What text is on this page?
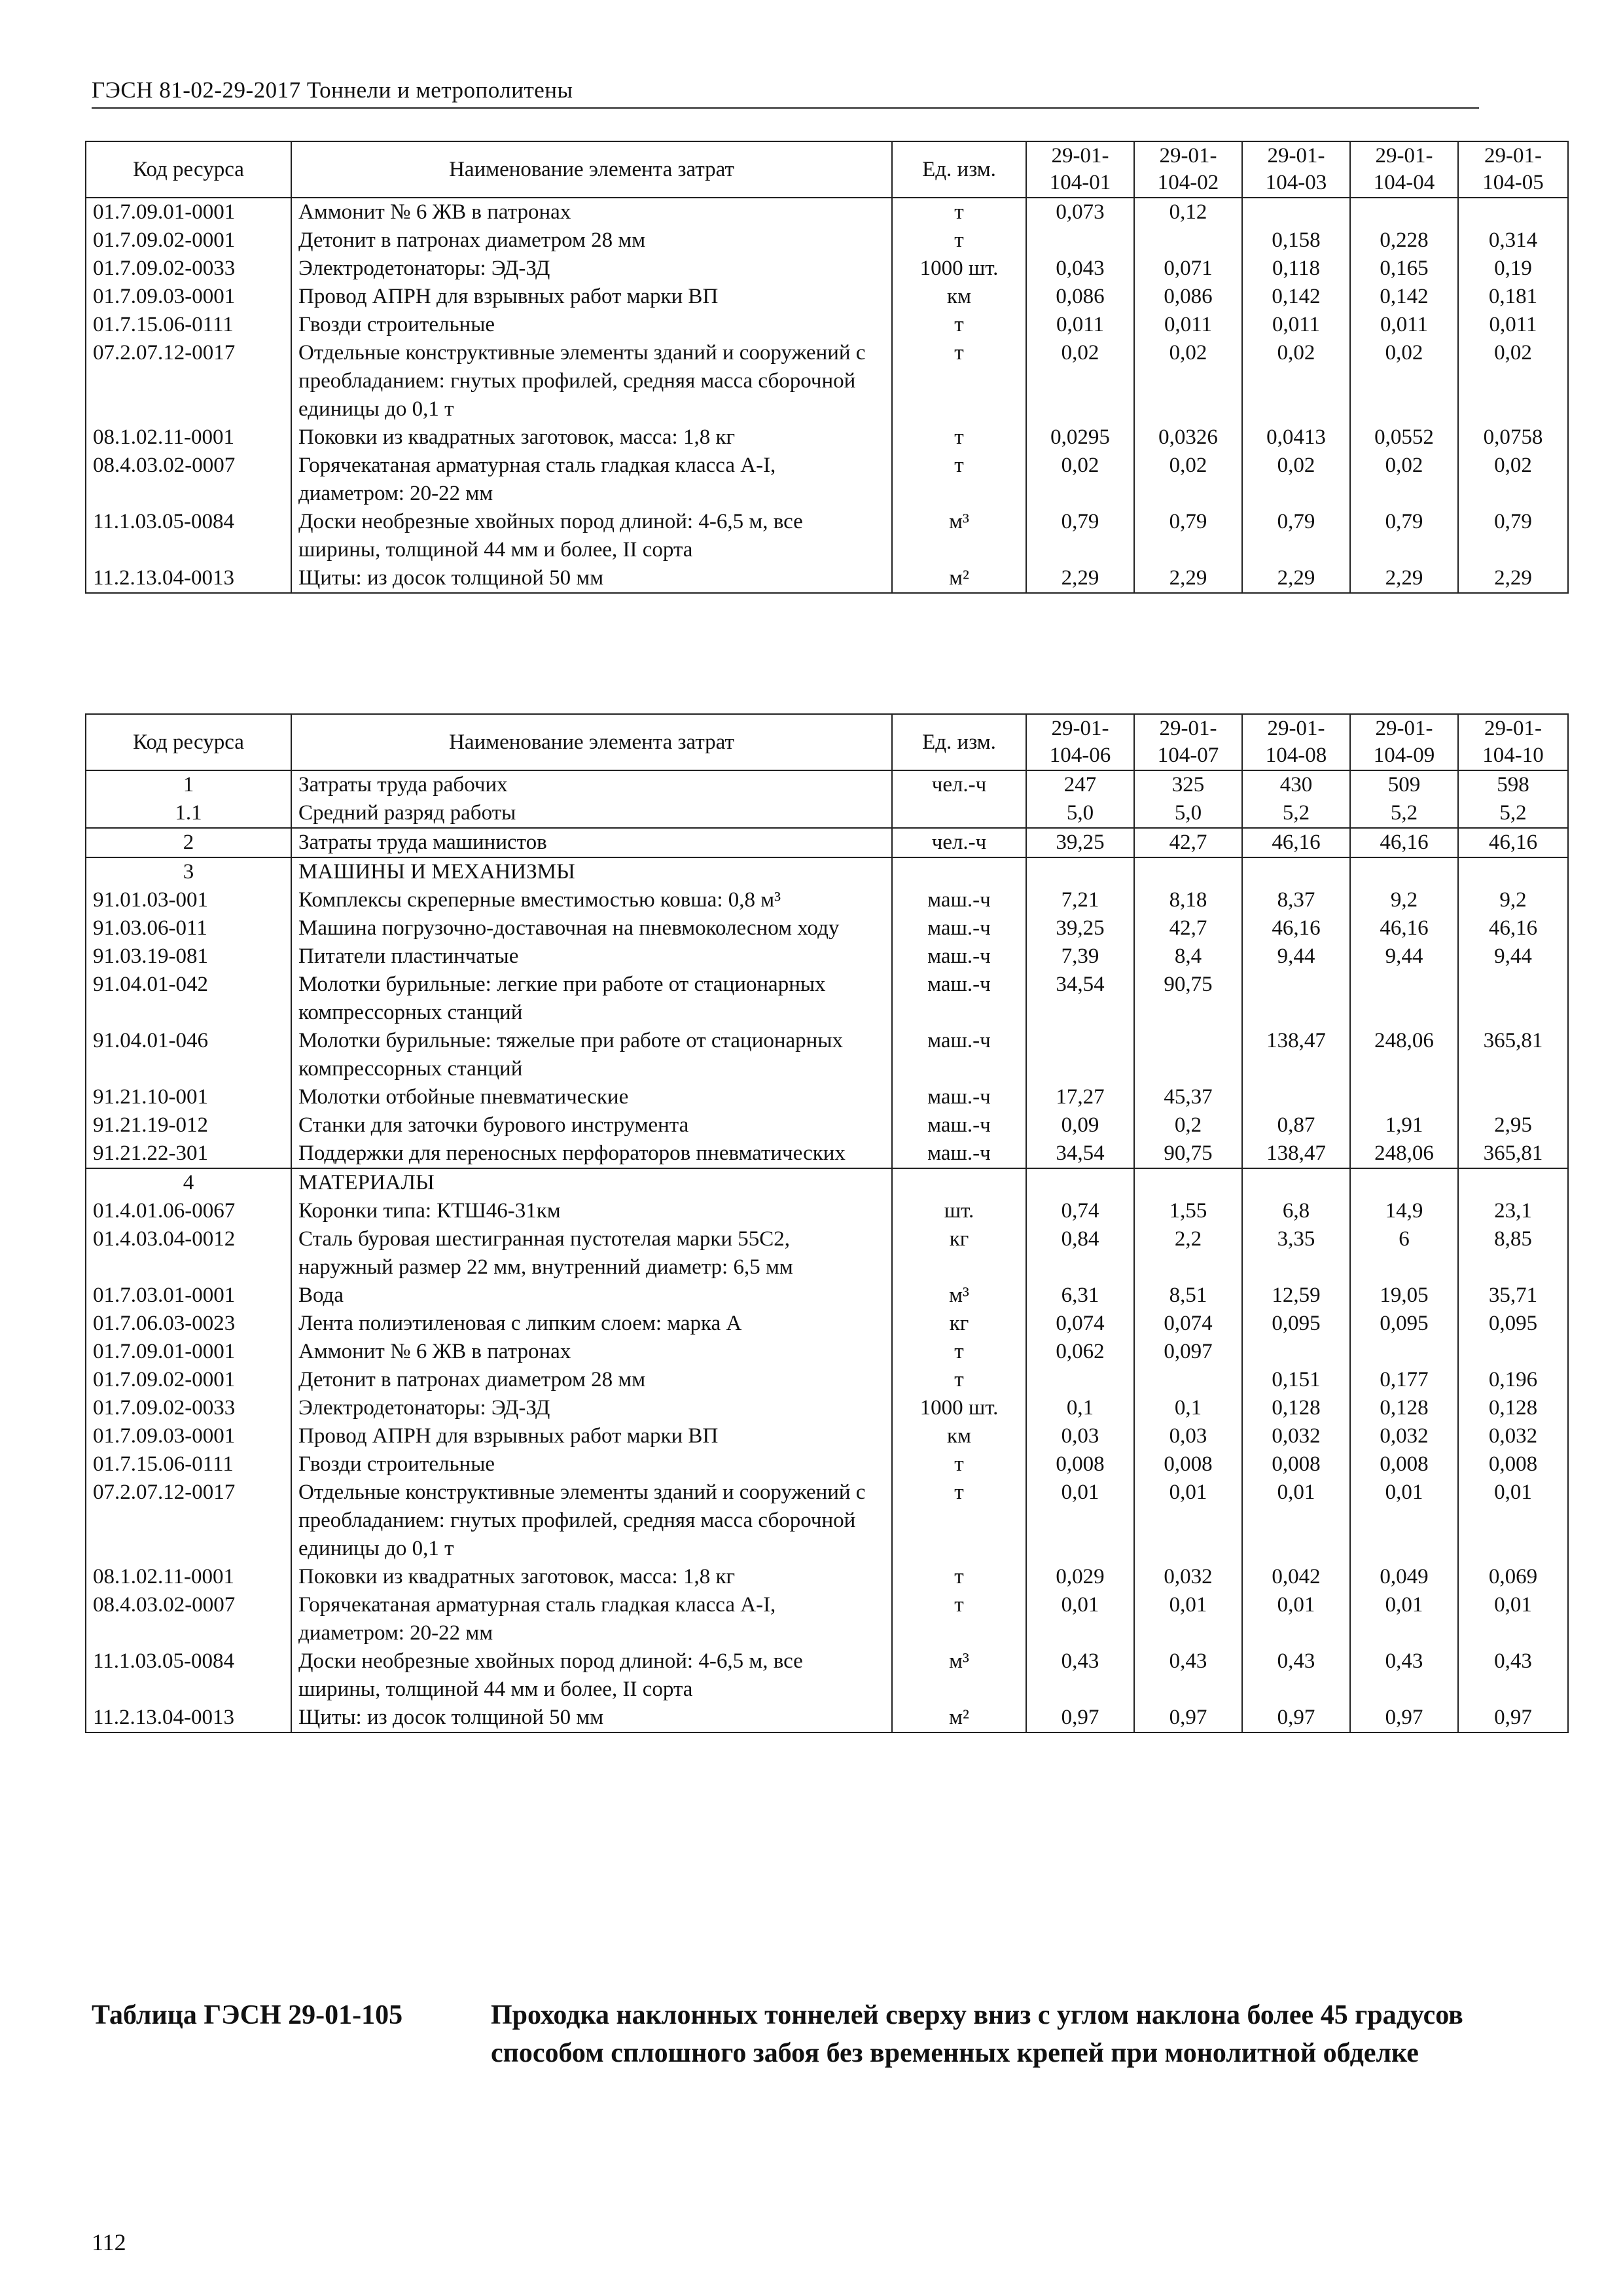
ГЭСН 81-02-29-2017 Тоннели и метрополитены
Код ресурса	Наименование элемента затрат	Ед. изм.	29-01-104-01	29-01-104-02	29-01-104-03	29-01-104-04	29-01-104-05
01.7.09.01-0001	Аммонит № 6 ЖВ в патронах	т	0,073	0,12			
01.7.09.02-0001	Детонит в патронах диаметром 28 мм	т			0,158	0,228	0,314
01.7.09.02-0033	Электродетонаторы: ЭД-ЗД	1000 шт.	0,043	0,071	0,118	0,165	0,19
01.7.09.03-0001	Провод АПРН для взрывных работ марки ВП	км	0,086	0,086	0,142	0,142	0,181
01.7.15.06-0111	Гвозди строительные	т	0,011	0,011	0,011	0,011	0,011
07.2.07.12-0017	Отдельные конструктивные элементы зданий и сооружений с преобладанием: гнутых профилей, средняя масса сборочной единицы до 0,1 т	т	0,02	0,02	0,02	0,02	0,02
08.1.02.11-0001	Поковки из квадратных заготовок, масса: 1,8 кг	т	0,0295	0,0326	0,0413	0,0552	0,0758
08.4.03.02-0007	Горячекатаная арматурная сталь гладкая класса А-I, диаметром: 20-22 мм	т	0,02	0,02	0,02	0,02	0,02
11.1.03.05-0084	Доски необрезные хвойных пород длиной: 4-6,5 м, все ширины, толщиной 44 мм и более, II сорта	м³	0,79	0,79	0,79	0,79	0,79
11.2.13.04-0013	Щиты: из досок толщиной 50 мм	м²	2,29	2,29	2,29	2,29	2,29
Код ресурса	Наименование элемента затрат	Ед. изм.	29-01-104-06	29-01-104-07	29-01-104-08	29-01-104-09	29-01-104-10
1	Затраты труда рабочих	чел.-ч	247	325	430	509	598
1.1	Средний разряд работы		5,0	5,0	5,2	5,2	5,2
2	Затраты труда машинистов	чел.-ч	39,25	42,7	46,16	46,16	46,16
3	МАШИНЫ И МЕХАНИЗМЫ						
91.01.03-001	Комплексы скреперные вместимостью ковша: 0,8 м³	маш.-ч	7,21	8,18	8,37	9,2	9,2
91.03.06-011	Машина погрузочно-доставочная на пневмоколесном ходу	маш.-ч	39,25	42,7	46,16	46,16	46,16
91.03.19-081	Питатели пластинчатые	маш.-ч	7,39	8,4	9,44	9,44	9,44
91.04.01-042	Молотки бурильные: легкие при работе от стационарных компрессорных станций	маш.-ч	34,54	90,75			
91.04.01-046	Молотки бурильные: тяжелые при работе от стационарных компрессорных станций	маш.-ч			138,47	248,06	365,81
91.21.10-001	Молотки отбойные пневматические	маш.-ч	17,27	45,37			
91.21.19-012	Станки для заточки бурового инструмента	маш.-ч	0,09	0,2	0,87	1,91	2,95
91.21.22-301	Поддержки для переносных перфораторов пневматических	маш.-ч	34,54	90,75	138,47	248,06	365,81
4	МАТЕРИАЛЫ						
01.4.01.06-0067	Коронки типа: КТШ46-31км	шт.	0,74	1,55	6,8	14,9	23,1
01.4.03.04-0012	Сталь буровая шестигранная пустотелая марки 55С2, наружный размер 22 мм, внутренний диаметр: 6,5 мм	кг	0,84	2,2	3,35	6	8,85
01.7.03.01-0001	Вода	м³	6,31	8,51	12,59	19,05	35,71
01.7.06.03-0023	Лента полиэтиленовая с липким слоем: марка А	кг	0,074	0,074	0,095	0,095	0,095
01.7.09.01-0001	Аммонит № 6 ЖВ в патронах	т	0,062	0,097			
01.7.09.02-0001	Детонит в патронах диаметром 28 мм	т			0,151	0,177	0,196
01.7.09.02-0033	Электродетонаторы: ЭД-ЗД	1000 шт.	0,1	0,1	0,128	0,128	0,128
01.7.09.03-0001	Провод АПРН для взрывных работ марки ВП	км	0,03	0,03	0,032	0,032	0,032
01.7.15.06-0111	Гвозди строительные	т	0,008	0,008	0,008	0,008	0,008
07.2.07.12-0017	Отдельные конструктивные элементы зданий и сооружений с преобладанием: гнутых профилей, средняя масса сборочной единицы до 0,1 т	т	0,01	0,01	0,01	0,01	0,01
08.1.02.11-0001	Поковки из квадратных заготовок, масса: 1,8 кг	т	0,029	0,032	0,042	0,049	0,069
08.4.03.02-0007	Горячекатаная арматурная сталь гладкая класса А-I, диаметром: 20-22 мм	т	0,01	0,01	0,01	0,01	0,01
11.1.03.05-0084	Доски необрезные хвойных пород длиной: 4-6,5 м, все ширины, толщиной 44 мм и более, II сорта	м³	0,43	0,43	0,43	0,43	0,43
11.2.13.04-0013	Щиты: из досок толщиной 50 мм	м²	0,97	0,97	0,97	0,97	0,97
Таблица ГЭСН 29-01-105	Проходка наклонных тоннелей сверху вниз с углом наклона более 45 градусов способом сплошного забоя без временных крепей при монолитной обделке
112
